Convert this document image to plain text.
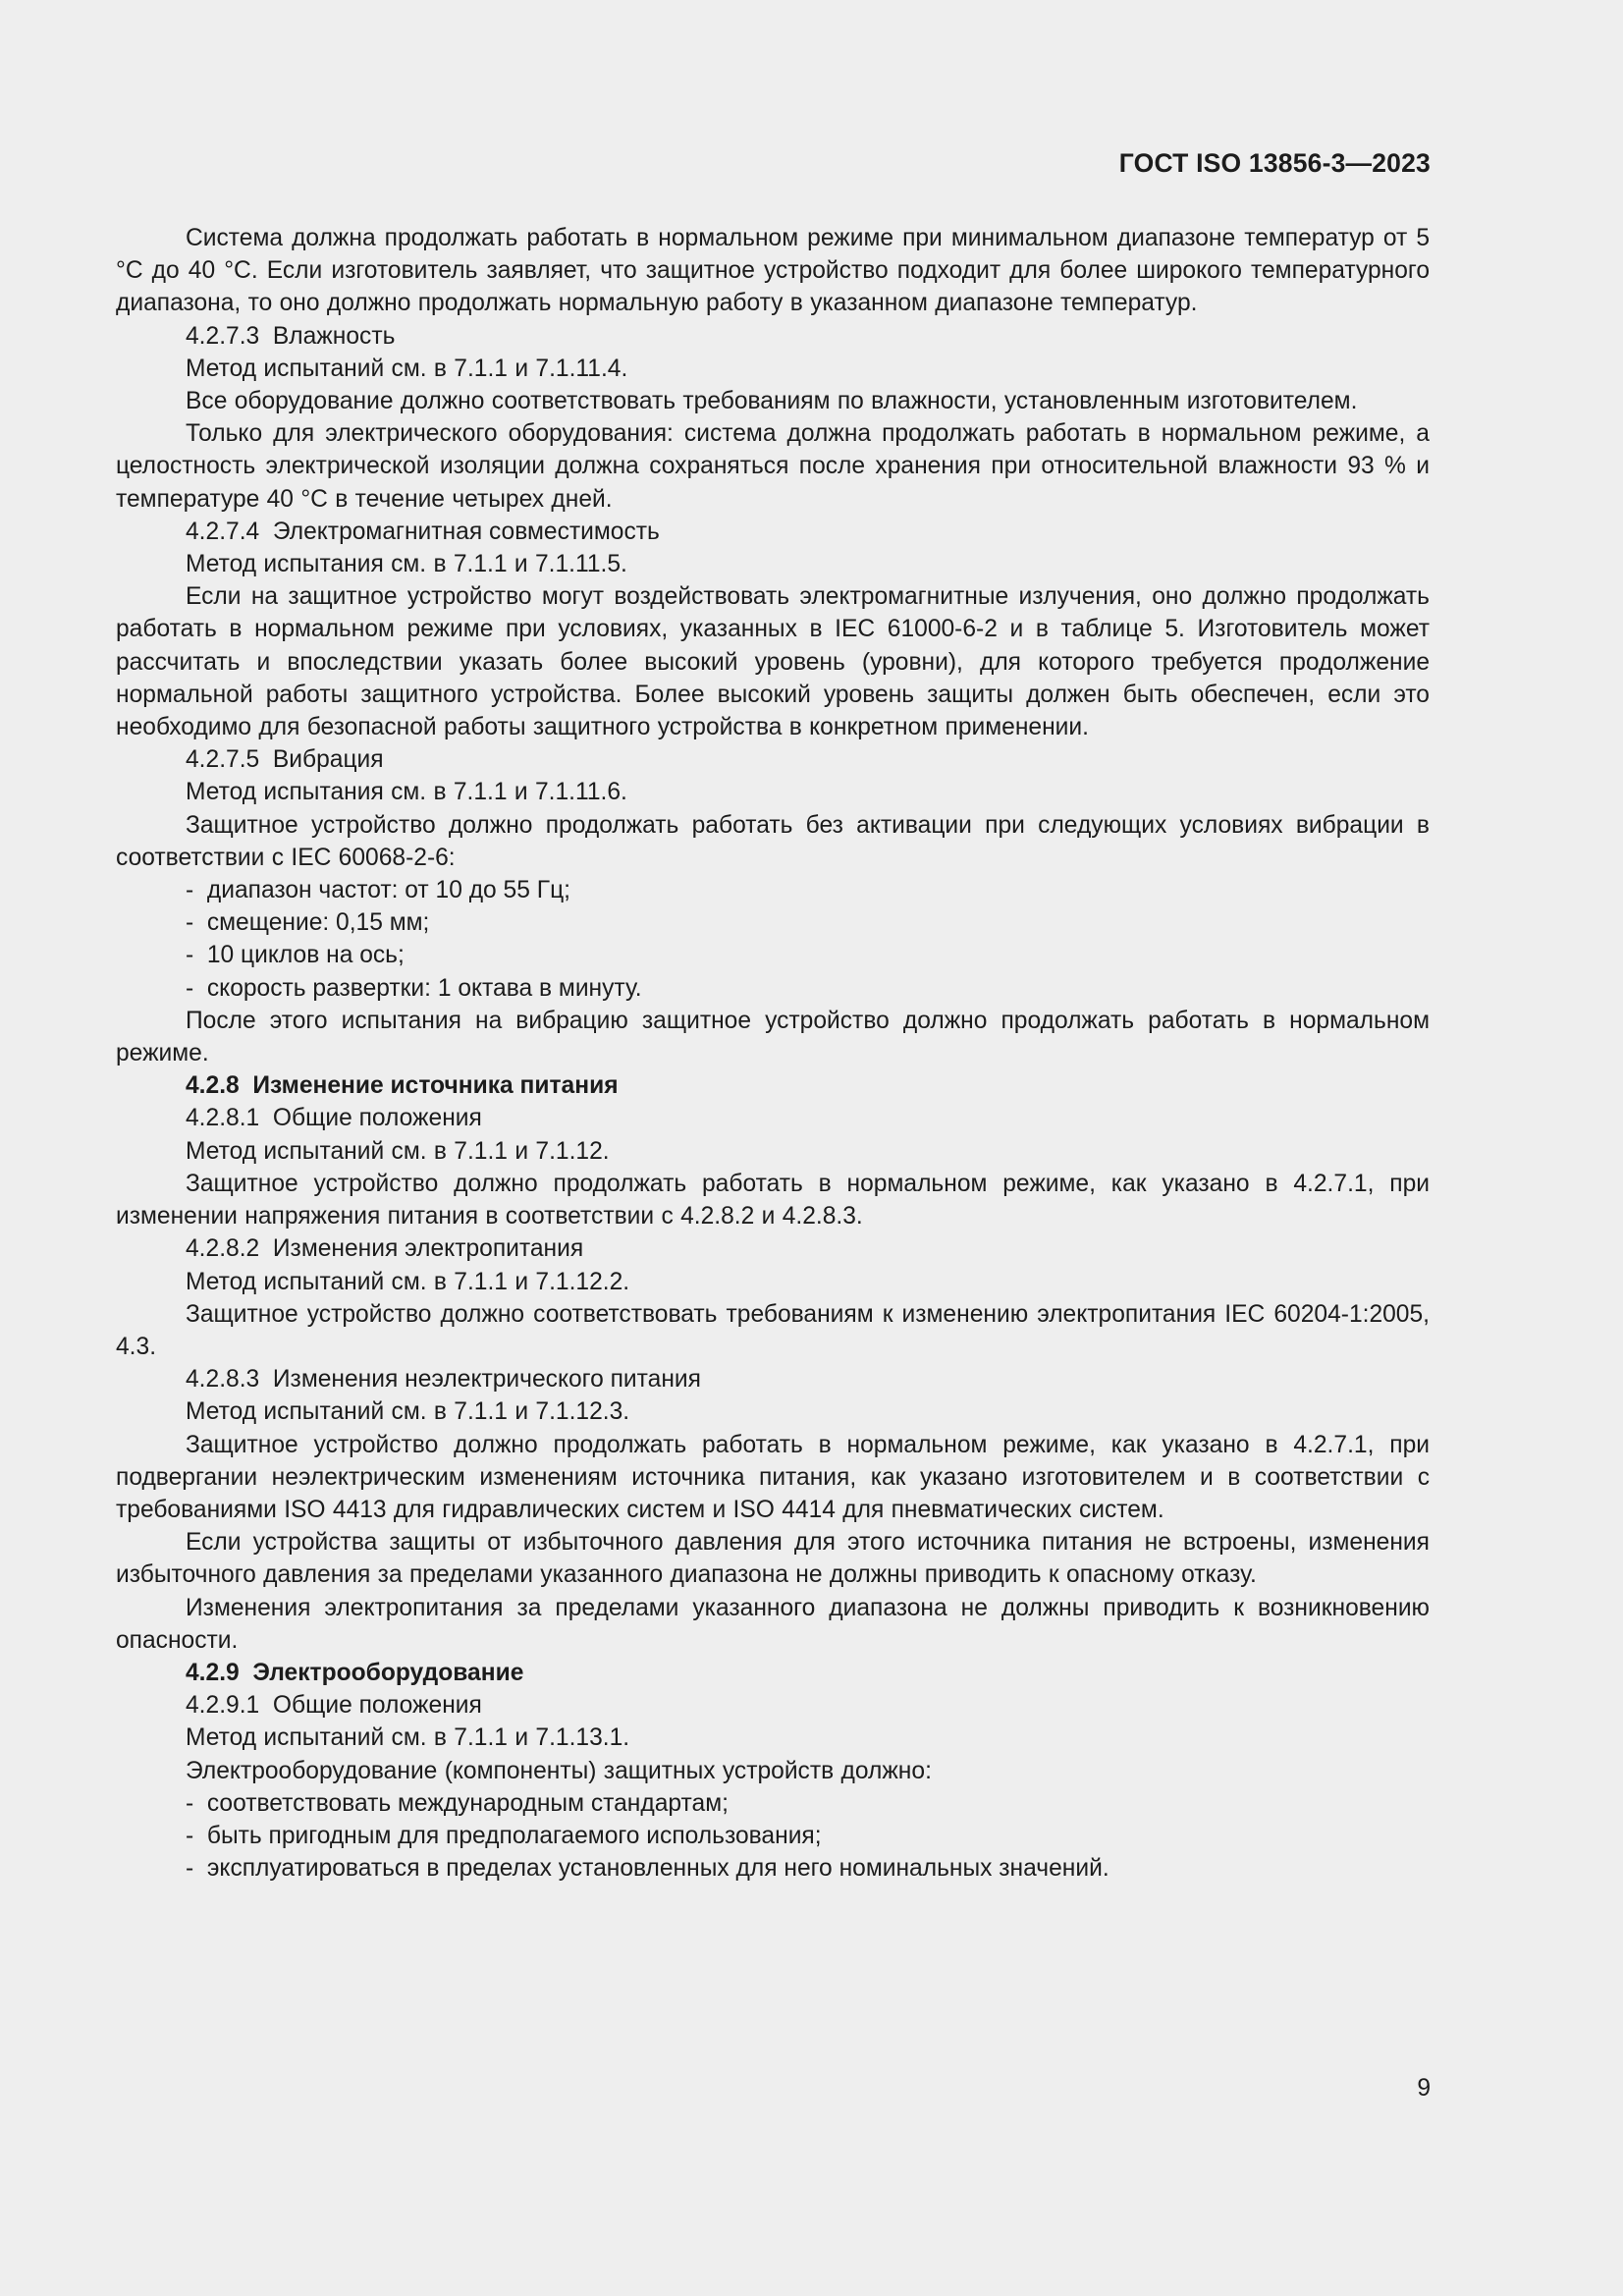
ГОСТ ISO 13856-3—2023

Система должна продолжать работать в нормальном режиме при минимальном диапазоне температур от 5 °С до 40 °С. Если изготовитель заявляет, что защитное устройство подходит для более широкого температурного диапазона, то оно должно продолжать нормальную работу в указанном диапазоне температур.

4.2.7.3  Влажность

Метод испытаний см. в 7.1.1 и 7.1.11.4.

Все оборудование должно соответствовать требованиям по влажности, установленным изготовителем.

Только для электрического оборудования: система должна продолжать работать в нормальном режиме, а целостность электрической изоляции должна сохраняться после хранения при относительной влажности 93 % и температуре 40 °С в течение четырех дней.

4.2.7.4  Электромагнитная совместимость

Метод испытания см. в 7.1.1 и 7.1.11.5.

Если на защитное устройство могут воздействовать электромагнитные излучения, оно должно продолжать работать в нормальном режиме при условиях, указанных в IEC 61000-6-2 и в таблице 5. Изготовитель может рассчитать и впоследствии указать более высокий уровень (уровни), для которого требуется продолжение нормальной работы защитного устройства. Более высокий уровень защиты должен быть обеспечен, если это необходимо для безопасной работы защитного устройства в конкретном применении.

4.2.7.5  Вибрация

Метод испытания см. в 7.1.1 и 7.1.11.6.

Защитное устройство должно продолжать работать без активации при следующих условиях вибрации в соответствии с IEC 60068-2-6:

-  диапазон частот: от 10 до 55 Гц;

-  смещение: 0,15 мм;

-  10 циклов на ось;

-  скорость развертки: 1 октава в минуту.

После этого испытания на вибрацию защитное устройство должно продолжать работать в нормальном режиме.

4.2.8  Изменение источника питания

4.2.8.1  Общие положения

Метод испытаний см. в 7.1.1 и 7.1.12.

Защитное устройство должно продолжать работать в нормальном режиме, как указано в 4.2.7.1, при изменении напряжения питания в соответствии с 4.2.8.2 и 4.2.8.3.

4.2.8.2  Изменения электропитания

Метод испытаний см. в 7.1.1 и 7.1.12.2.

Защитное устройство должно соответствовать требованиям к изменению электропитания IEC 60204-1:2005, 4.3.

4.2.8.3  Изменения неэлектрического питания

Метод испытаний см. в 7.1.1 и 7.1.12.3.

Защитное устройство должно продолжать работать в нормальном режиме, как указано в 4.2.7.1, при подвергании неэлектрическим изменениям источника питания, как указано изготовителем и в соответствии с требованиями ISO 4413 для гидравлических систем и ISO 4414 для пневматических систем.

Если устройства защиты от избыточного давления для этого источника питания не встроены, изменения избыточного давления за пределами указанного диапазона не должны приводить к опасному отказу.

Изменения электропитания за пределами указанного диапазона не должны приводить к возникновению опасности.

4.2.9  Электрооборудование

4.2.9.1  Общие положения

Метод испытаний см. в 7.1.1 и 7.1.13.1.

Электрооборудование (компоненты) защитных устройств должно:

-  соответствовать международным стандартам;

-  быть пригодным для предполагаемого использования;

-  эксплуатироваться в пределах установленных для него номинальных значений.

9
